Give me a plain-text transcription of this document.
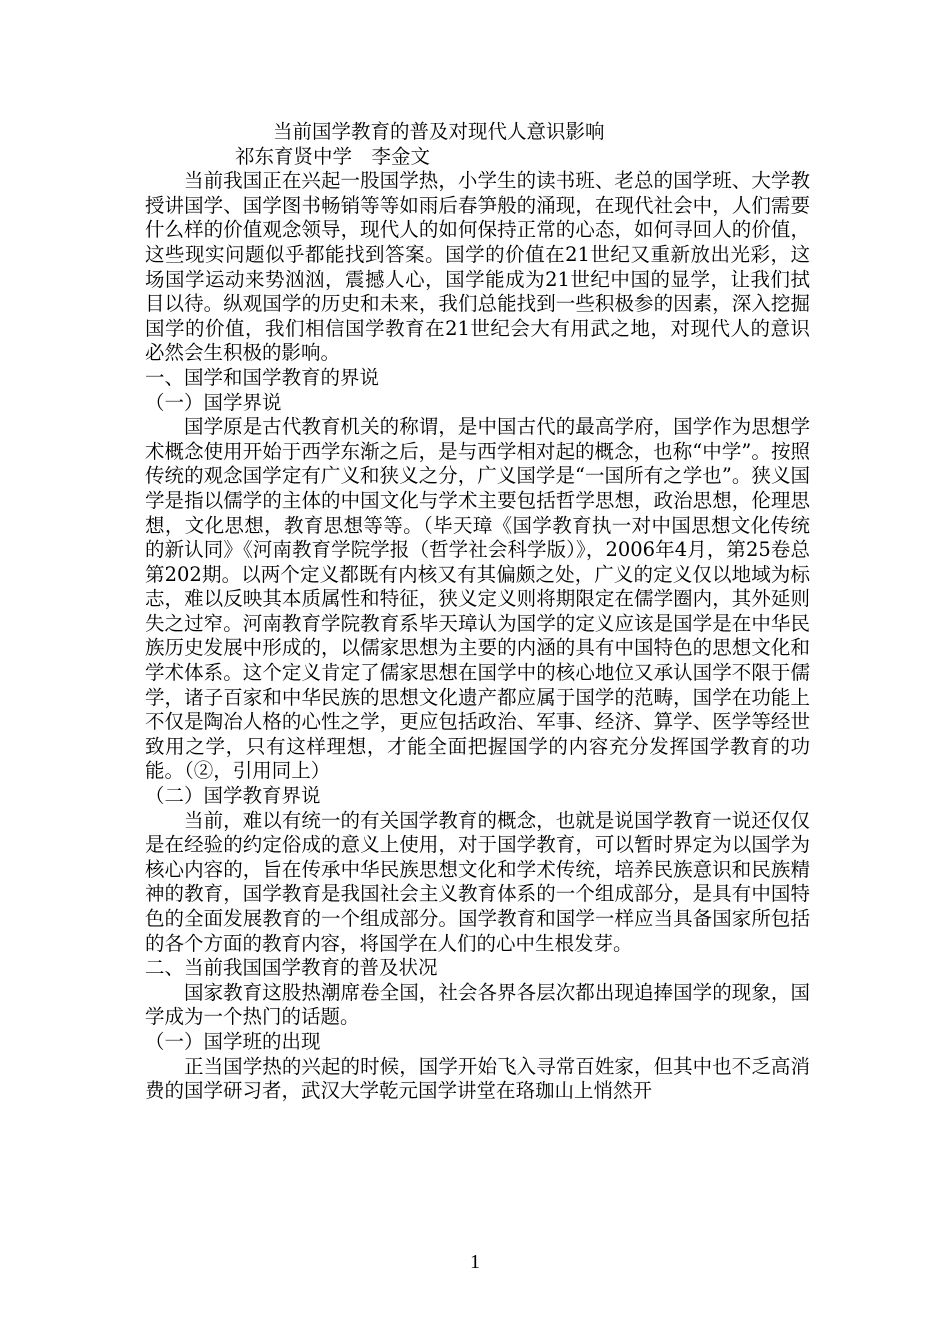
当前国学教育的普及对现代人意识影响

祁东育贤中学　李金文

当前我国正在兴起一股国学热，小学生的读书班、老总的国学班、大学教授讲国学、国学图书畅销等等如雨后春笋般的涌现，在现代社会中，人们需要什么样的价值观念领导，现代人的如何保持正常的心态，如何寻回人的价值，这些现实问题似乎都能找到答案。国学的价值在21世纪又重新放出光彩，这场国学运动来势汹汹，震撼人心，国学能成为21世纪中国的显学，让我们拭目以待。纵观国学的历史和未来，我们总能找到一些积极参的因素，深入挖掘国学的价值，我们相信国学教育在21世纪会大有用武之地，对现代人的意识必然会生积极的影响。

一、国学和国学教育的界说

（一）国学界说

国学原是古代教育机关的称谓，是中国古代的最高学府，国学作为思想学术概念使用开始于西学东渐之后，是与西学相对起的概念，也称“中学”。按照传统的观念国学定有广义和狭义之分，广义国学是“一国所有之学也”。狭义国学是指以儒学的主体的中国文化与学术主要包括哲学思想，政治思想，伦理思想，文化思想，教育思想等等。（毕天璋《国学教育执一对中国思想文化传统的新认同》《河南教育学院学报（哲学社会科学版）》，2006年4月，第25卷总第202期。以两个定义都既有内核又有其偏颇之处，广义的定义仅以地域为标志，难以反映其本质属性和特征，狭义定义则将期限定在儒学圈内，其外延则失之过窄。河南教育学院教育系毕天璋认为国学的定义应该是国学是在中华民族历史发展中形成的，以儒家思想为主要的内涵的具有中国特色的思想文化和学术体系。这个定义肯定了儒家思想在国学中的核心地位又承认国学不限于儒学，诸子百家和中华民族的思想文化遗产都应属于国学的范畴，国学在功能上不仅是陶冶人格的心性之学，更应包括政治、军事、经济、算学、医学等经世致用之学，只有这样理想，才能全面把握国学的内容充分发挥国学教育的功能。（②，引用同上）

（二）国学教育界说

当前，难以有统一的有关国学教育的概念，也就是说国学教育一说还仅仅是在经验的约定俗成的意义上使用，对于国学教育，可以暂时界定为以国学为核心内容的，旨在传承中华民族思想文化和学术传统，培养民族意识和民族精神的教育，国学教育是我国社会主义教育体系的一个组成部分，是具有中国特色的全面发展教育的一个组成部分。国学教育和国学一样应当具备国家所包括的各个方面的教育内容，将国学在人们的心中生根发芽。

二、当前我国国学教育的普及状况

国家教育这股热潮席卷全国，社会各界各层次都出现追捧国学的现象，国学成为一个热门的话题。

（一）国学班的出现

正当国学热的兴起的时候，国学开始飞入寻常百姓家，但其中也不乏高消费的国学研习者，武汉大学乾元国学讲堂在珞珈山上悄然开

1
